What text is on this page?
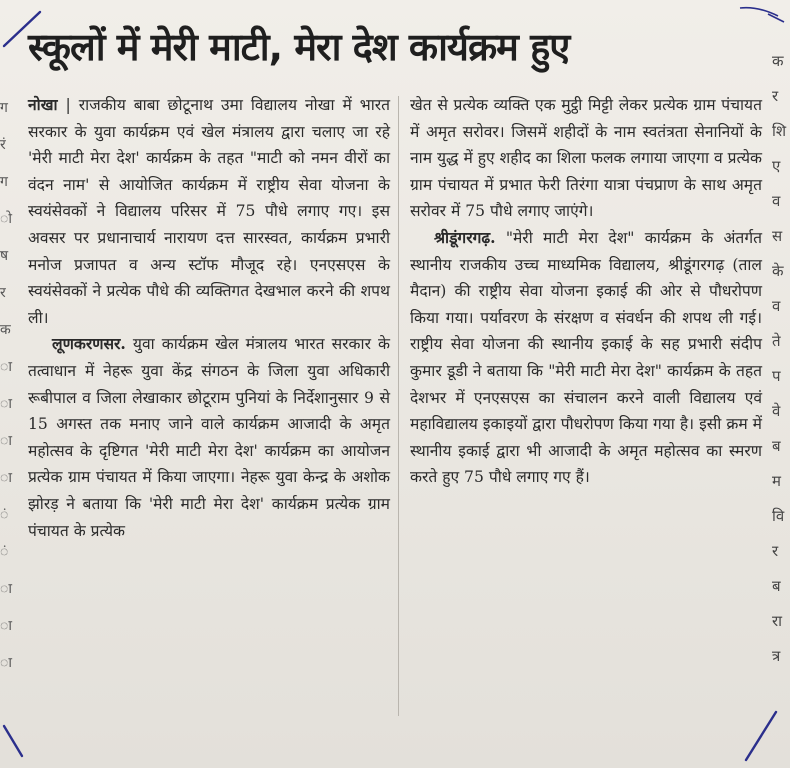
ग
रं
ग
ो
ष
र
क
ा
ा
ा
ा
ं
ं
ा
ा
ा
क
र
शि
ए
व
स
के
व
ते
प
वे
ब
म
वि
र
ब
रा
त्र
स्कूलों में मेरी माटी, मेरा देश कार्यक्रम हुए

नोखा | राजकीय बाबा छोटूनाथ उमा विद्यालय नोखा में भारत सरकार के युवा कार्यक्रम एवं खेल मंत्रालय द्वारा चलाए जा रहे 'मेरी माटी मेरा देश' कार्यक्रम के तहत "माटी को नमन वीरों का वंदन नाम' से आयोजित कार्यक्रम में राष्ट्रीय सेवा योजना के स्वयंसेवकों ने विद्यालय परिसर में 75 पौधे लगाए गए। इस अवसर पर प्रधानाचार्य नारायण दत्त सारस्वत, कार्यक्रम प्रभारी मनोज प्रजापत व अन्य स्टॉफ मौजूद रहे। एनएसएस के स्वयंसेवकों ने प्रत्येक पौधे की व्यक्तिगत देखभाल करने की शपथ ली।

लूणकरणसर. युवा कार्यक्रम खेल मंत्रालय भारत सरकार के तत्वाधान में नेहरू युवा केंद्र संगठन के जिला युवा अधिकारी रूबीपाल व जिला लेखाकार छोटूराम पुनियां के निर्देशानुसार 9 से 15 अगस्त तक मनाए जाने वाले कार्यक्रम आजादी के अमृत महोत्सव के दृष्टिगत 'मेरी माटी मेरा देश' कार्यक्रम का आयोजन प्रत्येक ग्राम पंचायत में किया जाएगा। नेहरू युवा केन्द्र के अशोक झोरड़ ने बताया कि 'मेरी माटी मेरा देश' कार्यक्रम प्रत्येक ग्राम पंचायत के प्रत्येक

खेत से प्रत्येक व्यक्ति एक मुट्ठी मिट्टी लेकर प्रत्येक ग्राम पंचायत में अमृत सरोवर। जिसमें शहीदों के नाम स्वतंत्रता सेनानियों के नाम युद्ध में हुए शहीद का शिला फलक लगाया जाएगा व प्रत्येक ग्राम पंचायत में प्रभात फेरी तिरंगा यात्रा पंचप्राण के साथ अमृत सरोवर में 75 पौधे लगाए जाएंगे।

श्रीडूंगरगढ़. "मेरी माटी मेरा देश" कार्यक्रम के अंतर्गत स्थानीय राजकीय उच्च माध्यमिक विद्यालय, श्रीडूंगरगढ़ (ताल मैदान) की राष्ट्रीय सेवा योजना इकाई की ओर से पौधरोपण किया गया। पर्यावरण के संरक्षण व संवर्धन की शपथ ली गई। राष्ट्रीय सेवा योजना की स्थानीय इकाई के सह प्रभारी संदीप कुमार डूडी ने बताया कि "मेरी माटी मेरा देश" कार्यक्रम के तहत देशभर में एनएसएस का संचालन करने वाली विद्यालय एवं महाविद्यालय इकाइयों द्वारा पौधरोपण किया गया है। इसी क्रम में स्थानीय इकाई द्वारा भी आजादी के अमृत महोत्सव का स्मरण करते हुए 75 पौधे लगाए गए हैं।
